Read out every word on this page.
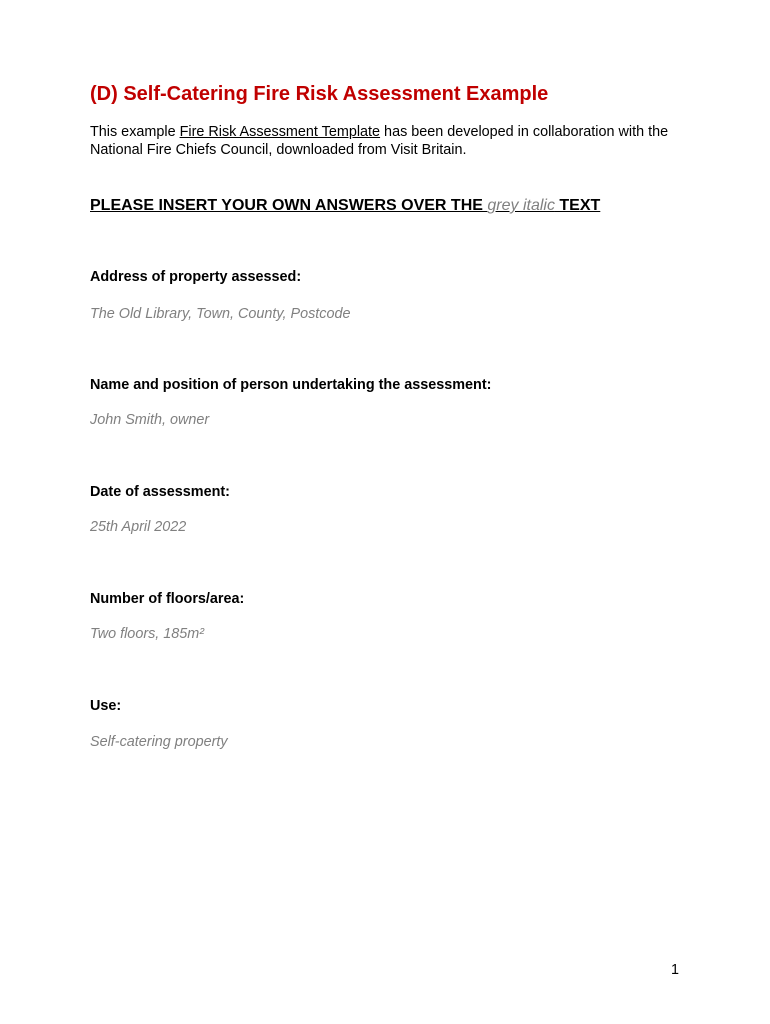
(D) Self-Catering Fire Risk Assessment Example

This example Fire Risk Assessment Template has been developed in collaboration with the National Fire Chiefs Council, downloaded from Visit Britain.

PLEASE INSERT YOUR OWN ANSWERS OVER THE grey italic TEXT

Address of property assessed:

The Old Library, Town, County, Postcode

Name and position of person undertaking the assessment:

John Smith, owner

Date of assessment:

25th April 2022

Number of floors/area:

Two floors, 185m²

Use:

Self-catering property

1
